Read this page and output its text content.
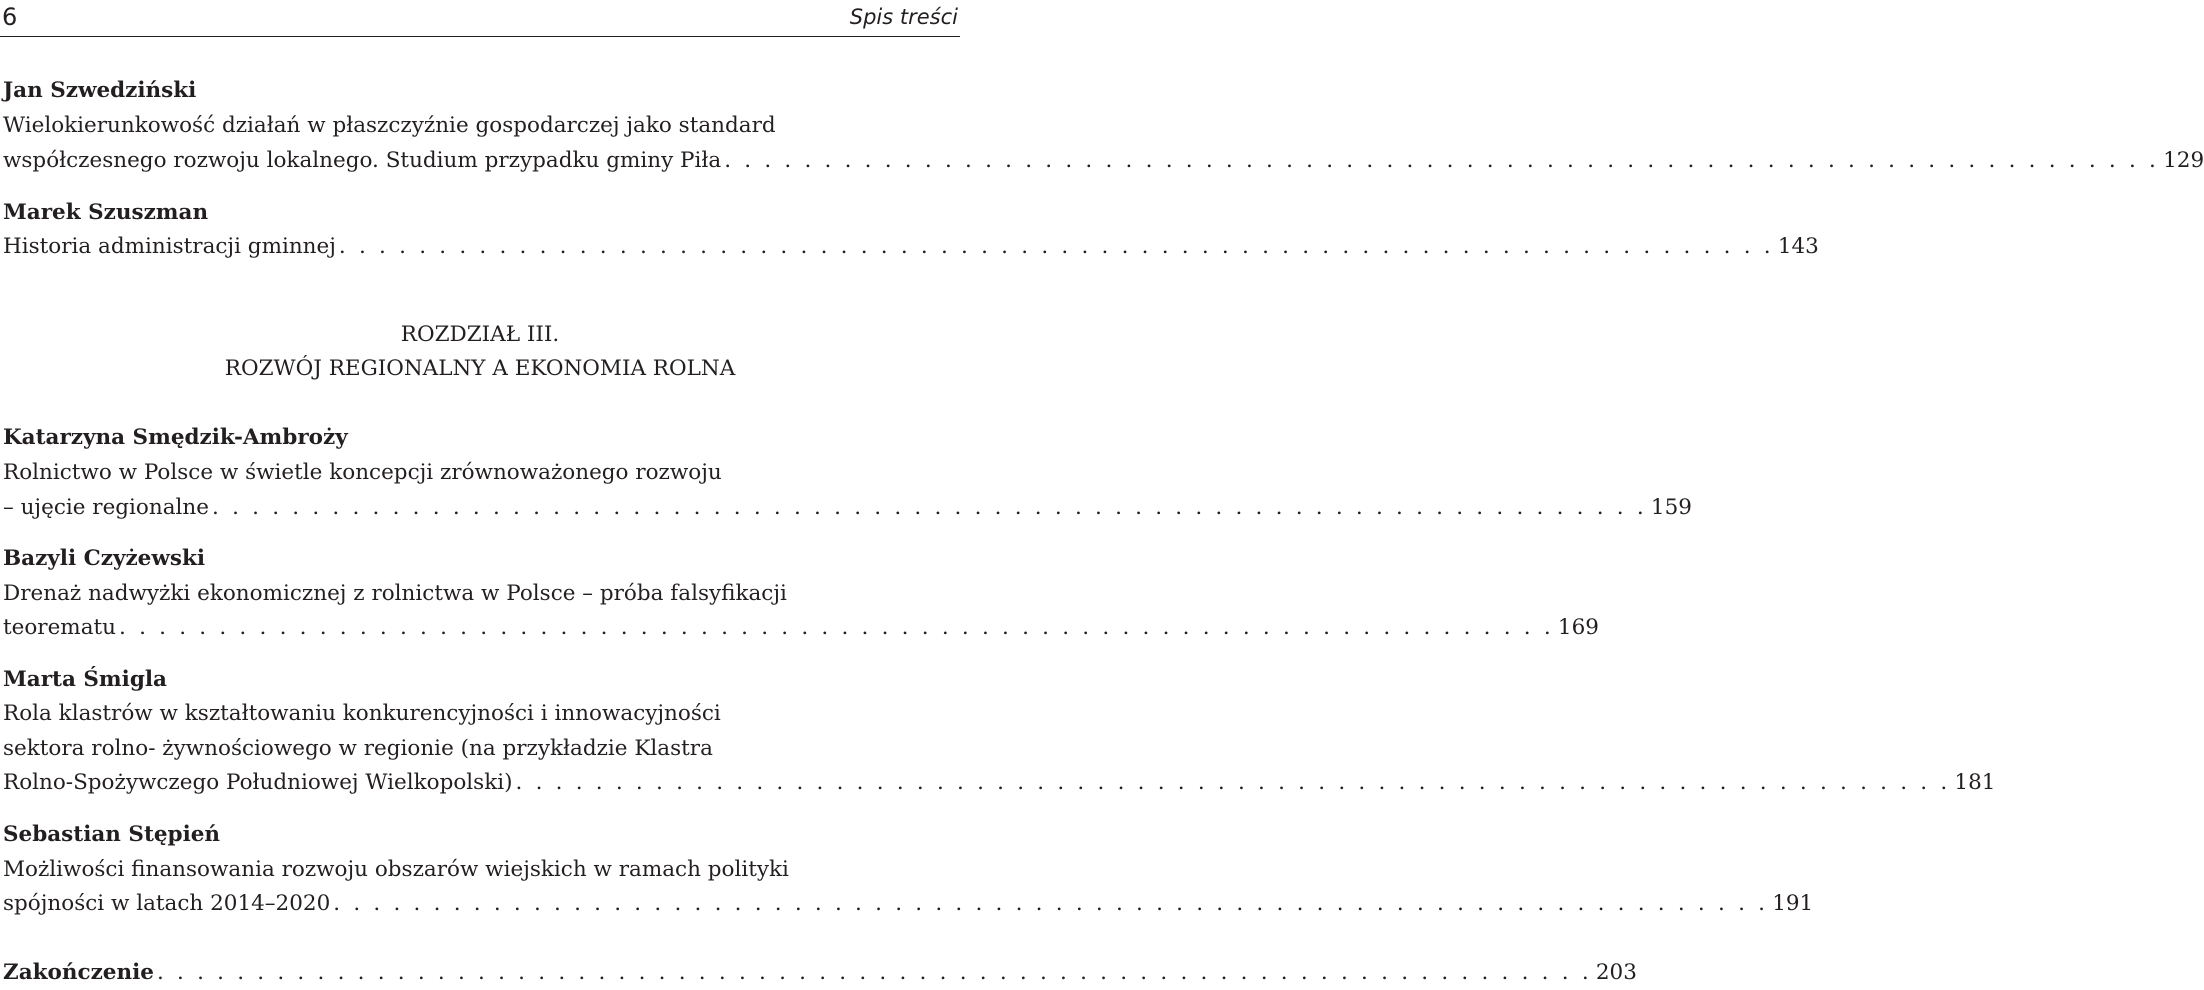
6	Spis treści
Jan Szwedziński
Wielokierunkowość działań w płaszczyźnie gospodarczej jako standard
współczesnego rozwoju lokalnego. Studium przypadku gminy Piła . . . . . . . . . . . . . . . . . . . . . . . . . . . . . . . . . . . . . . . . . . . . . . . . . . . . . . . . . . . . . . . . . . . . . . . . 129
Marek Szuszman
Historia administracji gminnej . . . . . . . . . . . . . . . . . . . . . . . . . . . . . . . . . . . . . . . . . . . . . . . . . . . . . . . . . . . . . . . . . . . . . . . . 143
ROZDZIAŁ III.
ROZWÓJ REGIONALNY A EKONOMIA ROLNA
Katarzyna Smędzik-Ambroży
Rolnictwo w Polsce w świetle koncepcji zrównoważonego rozwoju
– ujęcie regionalne . . . . . . . . . . . . . . . . . . . . . . . . . . . . . . . . . . . . . . . . . . . . . . . . . . . . . . . . . . . . . . . . . . . . . . . . 159
Bazyli Czyżewski
Drenaż nadwyżki ekonomicznej z rolnictwa w Polsce – próba falsyfikacji
teorematu . . . . . . . . . . . . . . . . . . . . . . . . . . . . . . . . . . . . . . . . . . . . . . . . . . . . . . . . . . . . . . . . . . . . . . . . 169
Marta Śmigla
Rola klastrów w kształtowaniu konkurencyjności i innowacyjności
sektora rolno- żywnościowego w regionie (na przykładzie Klastra
Rolno-Spożywczego Południowej Wielkopolski) . . . . . . . . . . . . . . . . . . . . . . . . . . . . . . . . . . . . . . . . . . . . . . . . . . . . . . . . . . . . . . . . . . . . . . . . 181
Sebastian Stępień
Możliwości finansowania rozwoju obszarów wiejskich w ramach polityki
spójności w latach 2014–2020 . . . . . . . . . . . . . . . . . . . . . . . . . . . . . . . . . . . . . . . . . . . . . . . . . . . . . . . . . . . . . . . . . . . . . . . . 191
Zakończenie . . . . . . . . . . . . . . . . . . . . . . . . . . . . . . . . . . . . . . . . . . . . . . . . . . . . . . . . . . . . . . . . . . . . . . . . 203
